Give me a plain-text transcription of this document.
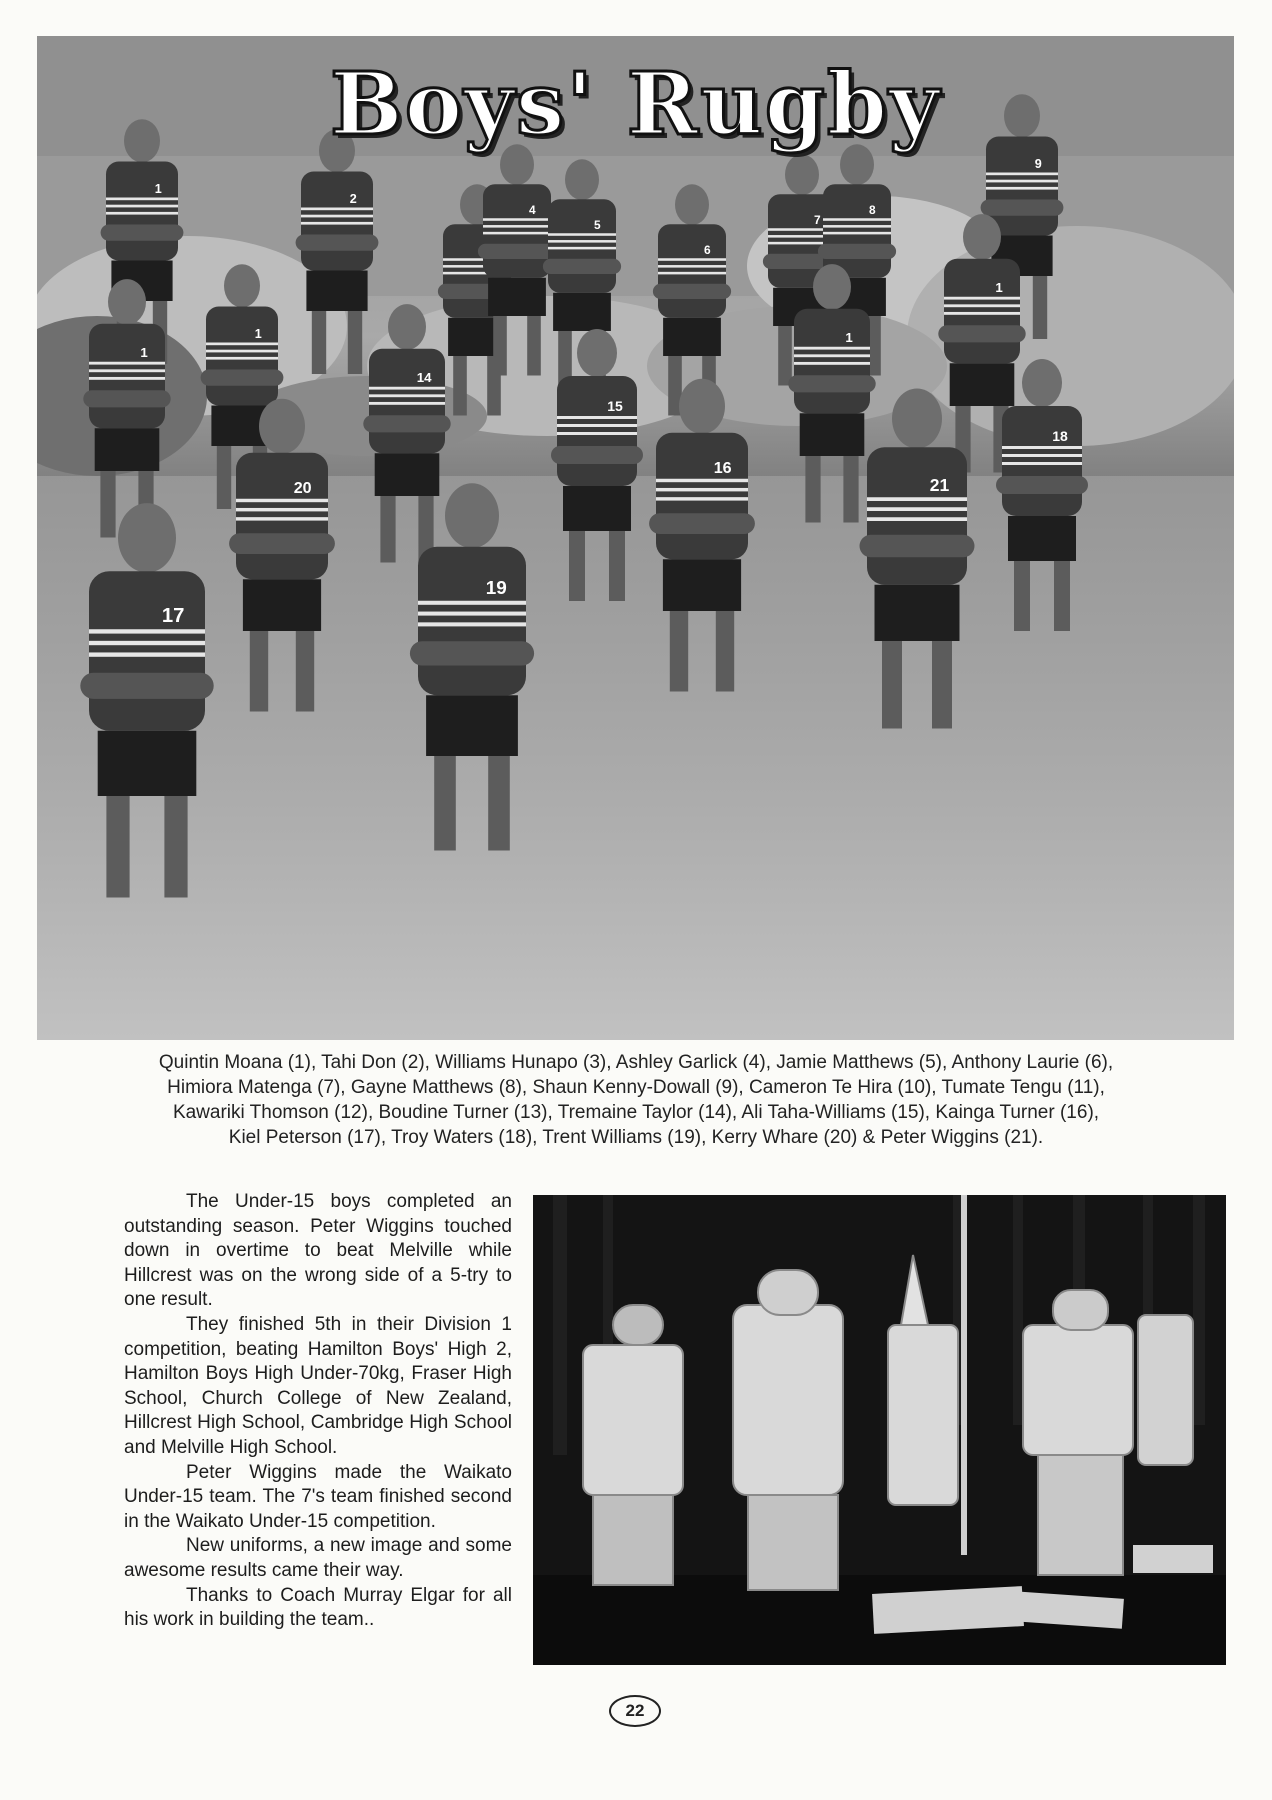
1
2
4
5
6
7
8
9
1
1
14
15
1
1
16
18
20	21
17
19
Boys' Rugby
Quintin Moana (1), Tahi Don (2), Williams Hunapo (3), Ashley Garlick (4), Jamie Matthews (5), Anthony Laurie (6),
Himiora Matenga (7), Gayne Matthews (8), Shaun Kenny-Dowall (9), Cameron Te Hira (10), Tumate Tengu (11),
Kawariki Thomson (12), Boudine Turner (13), Tremaine Taylor (14), Ali Taha-Williams (15), Kainga Turner (16),
Kiel Peterson (17), Troy Waters (18), Trent Williams (19), Kerry Whare (20) & Peter Wiggins (21).

The Under-15 boys completed an outstanding season. Peter Wiggins touched down in overtime to beat Melville while Hillcrest was on the wrong side of a 5-try to one result.

They finished 5th in their Division 1 competition, beating Hamilton Boys' High 2, Hamilton Boys High Under-70kg, Fraser High School, Church College of New Zealand, Hillcrest High School, Cambridge High School and Melville High School.

Peter Wiggins made the Waikato Under-15 team. The 7's team finished second in the Waikato Under-15 competition.

New uniforms, a new image and some awesome results came their way.

Thanks to Coach Murray Elgar for all his work in building the team..

22
